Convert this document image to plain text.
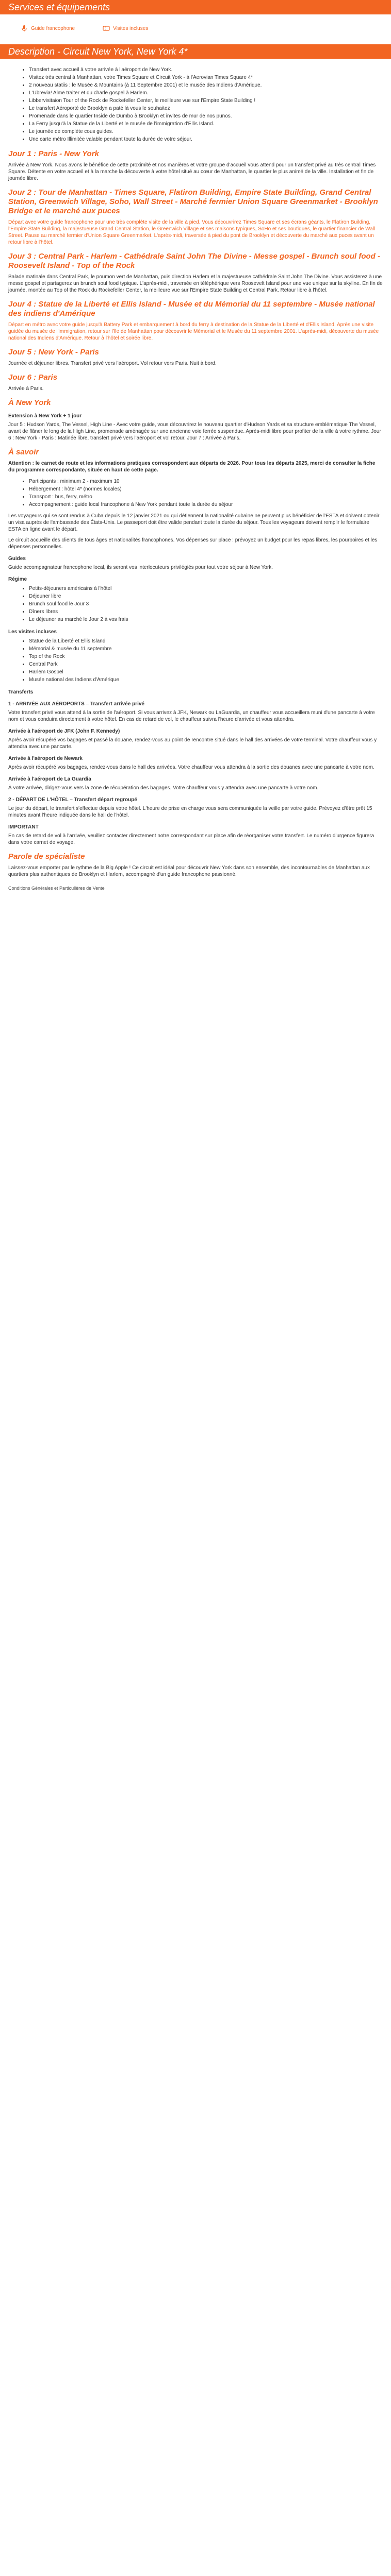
Services et équipements
Guide francophone	Visites incluses
Description - Circuit New York, New York 4*
• Transfert avec accueil à votre arrivée à l'aéroport de New York.
• Visitez très central à Manhattan, votre Times Square et Circuit York - à l'Aerovian Times Square 4*
• 2 nouveau statiis : le Musée & Mountains (à 11 Septembre 2001) et le musée des Indiens d'Amérique.
• L'Ubrevia! Alme traiter et du charle gospel à Harlem.
• Libbervisitaion Tour of the Rock de Rockefeller Center, le meilleure vue sur l'Empire State Building !
• Le transfert Aéroporté de Brooklyn a paté là vous le souhaitez
• Promenade dans le quartier Inside de Dumbo à Brooklyn et invites de mur de nos punos.
• La Ferry jusqu'à la Statue de la Liberté et le musée de l'immigration d'Ellis Island.
• Le journée de complète cous guides.
• Une carte métro Illimitée valable pendant toute la durée de votre séjour.
Jour 1 : Paris - New York

Arrivée à New York. Nous avons le bénéfice de cette proximité et nos manières et votre groupe d'accueil vous attend pour un transfert privé au très central Times Square. Détente en votre accueil et à la marche la découverte à votre hôtel situé au cœur de Manhattan, le quartier le plus animé de la ville. Installation et fin de journée libre.

Jour 2 : Tour de Manhattan - Times Square, Flatiron Building, Empire State Building, Grand Central Station, Greenwich Village, Soho, Wall Street - Marché fermier Union Square Greenmarket - Brooklyn Bridge et le marché aux puces

Départ avec votre guide francophone pour une très complète visite de la ville à pied. Vous découvrirez Times Square et ses écrans géants, le Flatiron Building, l'Empire State Building, la majestueuse Grand Central Station, le Greenwich Village et ses maisons typiques, SoHo et ses boutiques, le quartier financier de Wall Street. Pause au marché fermier d'Union Square Greenmarket. L'après-midi, traversée à pied du pont de Brooklyn et découverte du marché aux puces avant un retour libre à l'hôtel.

Jour 3 : Central Park - Harlem - Cathédrale Saint John The Divine - Messe gospel - Brunch soul food - Roosevelt Island - Top of the Rock

Balade matinale dans Central Park, le poumon vert de Manhattan, puis direction Harlem et la majestueuse cathédrale Saint John The Divine. Vous assisterez à une messe gospel et partagerez un brunch soul food typique. L'après-midi, traversée en téléphérique vers Roosevelt Island pour une vue unique sur la skyline. En fin de journée, montée au Top of the Rock du Rockefeller Center, la meilleure vue sur l'Empire State Building et Central Park. Retour libre à l'hôtel.

Jour 4 : Statue de la Liberté et Ellis Island - Musée et du Mémorial du 11 septembre - Musée national des indiens d'Amérique

Départ en métro avec votre guide jusqu'à Battery Park et embarquement à bord du ferry à destination de la Statue de la Liberté et d'Ellis Island. Après une visite guidée du musée de l'immigration, retour sur l'île de Manhattan pour découvrir le Mémorial et le Musée du 11 septembre 2001. L'après-midi, découverte du musée national des Indiens d'Amérique. Retour à l'hôtel et soirée libre.

Jour 5 : New York - Paris

Journée et déjeuner libres. Transfert privé vers l'aéroport. Vol retour vers Paris. Nuit à bord.

Jour 6 : Paris

Arrivée à Paris.

À New York
Extension à New York + 1 jour

Jour 5 : Hudson Yards, The Vessel, High Line - Avec votre guide, vous découvrirez le nouveau quartier d'Hudson Yards et sa structure emblématique The Vessel, avant de flâner le long de la High Line, promenade aménagée sur une ancienne voie ferrée suspendue. Après-midi libre pour profiter de la ville à votre rythme. Jour 6 : New York - Paris : Matinée libre, transfert privé vers l'aéroport et vol retour. Jour 7 : Arrivée à Paris.

À savoir

Attention : le carnet de route et les informations pratiques correspondent aux départs de 2026. Pour tous les départs 2025, merci de consulter la fiche du programme correspondante, située en haut de cette page.

• Participants : minimum 2 - maximum 10
• Hébergement : hôtel 4* (normes locales)
• Transport : bus, ferry, métro
• Accompagnement : guide local francophone à New York pendant toute la durée du séjour

Les voyageurs qui se sont rendus à Cuba depuis le 12 janvier 2021 ou qui détiennent la nationalité cubaine ne peuvent plus bénéficier de l'ESTA et doivent obtenir un visa auprès de l'ambassade des États-Unis. Le passeport doit être valide pendant toute la durée du séjour. Tous les voyageurs doivent remplir le formulaire ESTA en ligne avant le départ.

Le circuit accueille des clients de tous âges et nationalités francophones. Vos dépenses sur place : prévoyez un budget pour les repas libres, les pourboires et les dépenses personnelles.

Guides

Guide accompagnateur francophone local, ils seront vos interlocuteurs privilégiés pour tout votre séjour à New York.

Régime
• Petits-déjeuners américains à l'hôtel
• Déjeuner libre
• Brunch soul food le Jour 3
• Dîners libres
• Le déjeuner au marché le Jour 2 à vos frais
Les visites incluses
• Statue de la Liberté et Ellis Island
• Mémorial & musée du 11 septembre
• Top of the Rock
• Central Park
• Harlem Gospel
• Musée national des Indiens d'Amérique
Transferts
1 - ARRIVÉE AUX AÉROPORTS – Transfert arrivée privé

Votre transfert privé vous attend à la sortie de l'aéroport. Si vous arrivez à JFK, Newark ou LaGuardia, un chauffeur vous accueillera muni d'une pancarte à votre nom et vous conduira directement à votre hôtel. En cas de retard de vol, le chauffeur suivra l'heure d'arrivée et vous attendra.

Arrivée à l'aéroport de JFK (John F. Kennedy)

Après avoir récupéré vos bagages et passé la douane, rendez-vous au point de rencontre situé dans le hall des arrivées de votre terminal. Votre chauffeur vous y attendra avec une pancarte.

Arrivée à l'aéroport de Newark

Après avoir récupéré vos bagages, rendez-vous dans le hall des arrivées. Votre chauffeur vous attendra à la sortie des douanes avec une pancarte à votre nom.

Arrivée à l'aéroport de La Guardia

À votre arrivée, dirigez-vous vers la zone de récupération des bagages. Votre chauffeur vous y attendra avec une pancarte à votre nom.

2 - DÉPART DE L'HÔTEL – Transfert départ regroupé

Le jour du départ, le transfert s'effectue depuis votre hôtel. L'heure de prise en charge vous sera communiquée la veille par votre guide. Prévoyez d'être prêt 15 minutes avant l'heure indiquée dans le hall de l'hôtel.

IMPORTANT

En cas de retard de vol à l'arrivée, veuillez contacter directement notre correspondant sur place afin de réorganiser votre transfert. Le numéro d'urgence figurera dans votre carnet de voyage.

Parole de spécialiste

Laissez-vous emporter par le rythme de la Big Apple ! Ce circuit est idéal pour découvrir New York dans son ensemble, des incontournables de Manhattan aux quartiers plus authentiques de Brooklyn et Harlem, accompagné d'un guide francophone passionné.

Conditions Générales et Particulières de Vente
